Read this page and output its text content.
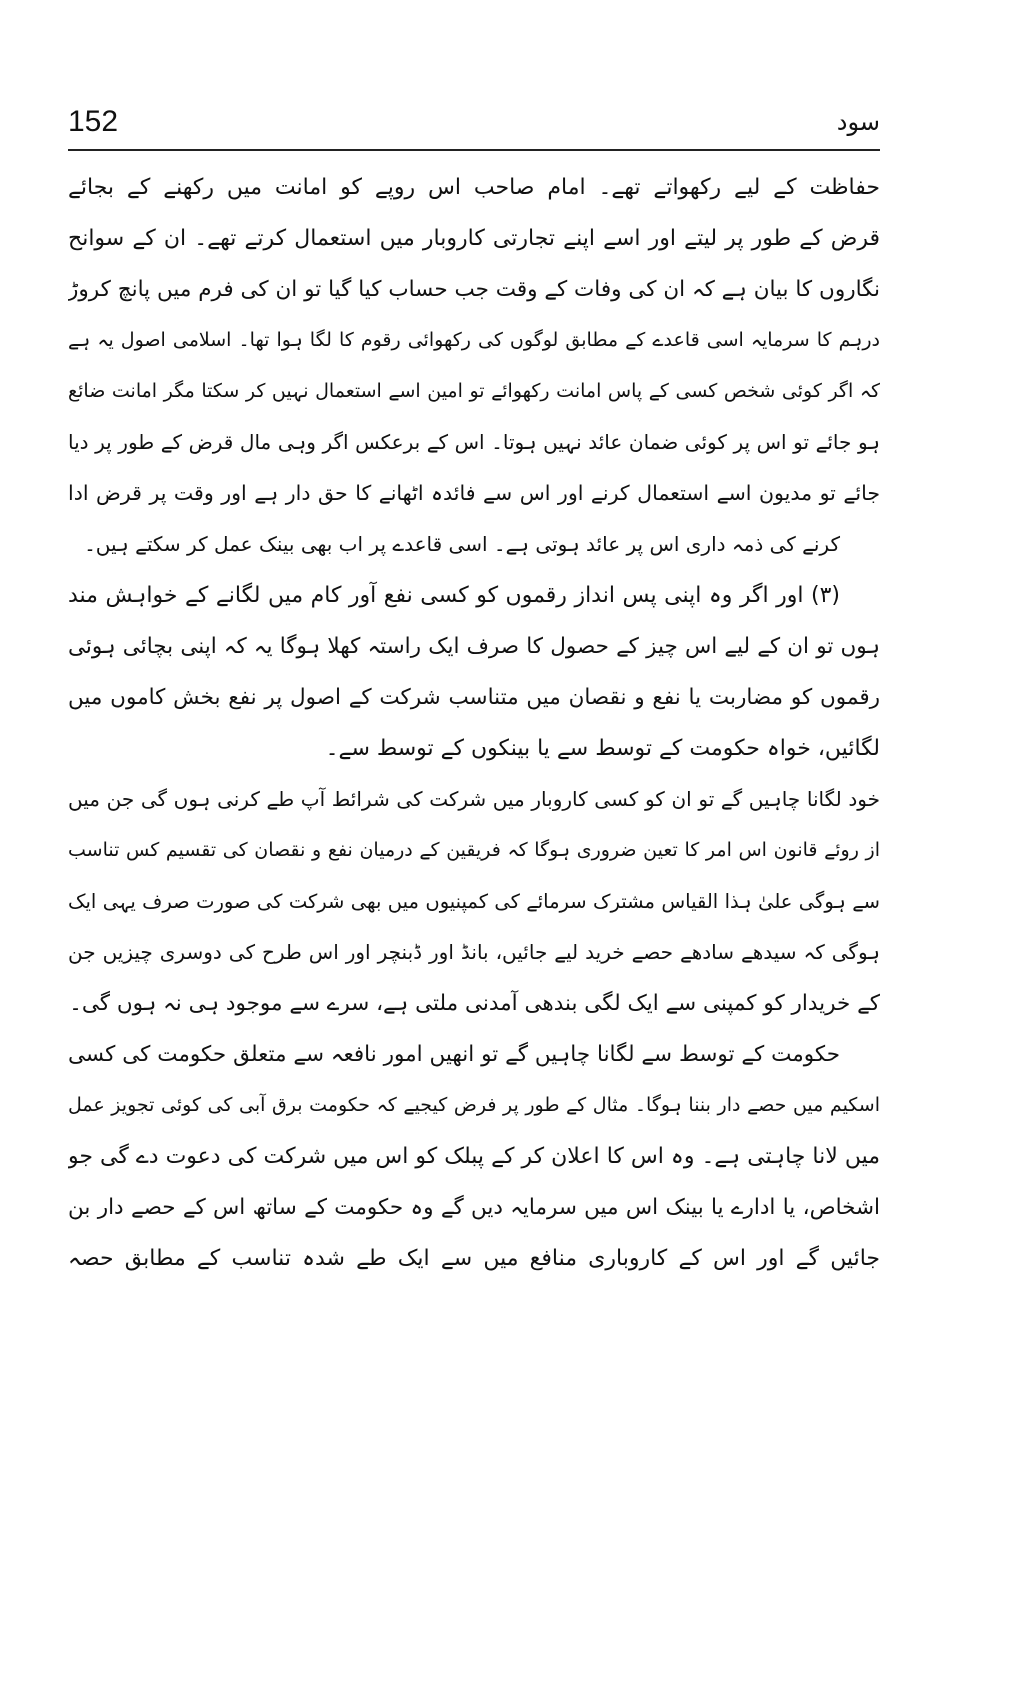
152	سود
حفاظت کے لیے رکھواتے تھے۔ امام صاحب اس روپے کو امانت میں رکھنے کے بجائے
قرض کے طور پر لیتے اور اسے اپنے تجارتی کاروبار میں استعمال کرتے تھے۔ ان کے سوانح
نگاروں کا بیان ہے کہ ان کی وفات کے وقت جب حساب کیا گیا تو ان کی فرم میں پانچ کروڑ
درہم کا سرمایہ اسی قاعدے کے مطابق لوگوں کی رکھوائی رقوم کا لگا ہوا تھا۔ اسلامی اصول یہ ہے
کہ اگر کوئی شخص کسی کے پاس امانت رکھوائے تو امین اسے استعمال نہیں کر سکتا مگر امانت ضائع
ہو جائے تو اس پر کوئی ضمان عائد نہیں ہوتا۔ اس کے برعکس اگر وہی مال قرض کے طور پر دیا
جائے تو مدیون اسے استعمال کرنے اور اس سے فائدہ اٹھانے کا حق دار ہے اور وقت پر قرض ادا
کرنے کی ذمہ داری اس پر عائد ہوتی ہے۔ اسی قاعدے پر اب بھی بینک عمل کر سکتے ہیں۔
(۳) اور اگر وہ اپنی پس انداز رقموں کو کسی نفع آور کام میں لگانے کے خواہش مند
ہوں تو ان کے لیے اس چیز کے حصول کا صرف ایک راستہ کھلا ہوگا یہ کہ اپنی بچائی ہوئی
رقموں کو مضاربت یا نفع و نقصان میں متناسب شرکت کے اصول پر نفع بخش کاموں میں
لگائیں، خواہ حکومت کے توسط سے یا بینکوں کے توسط سے۔
خود لگانا چاہیں گے تو ان کو کسی کاروبار میں شرکت کی شرائط آپ طے کرنی ہوں گی جن میں
از روئے قانون اس امر کا تعین ضروری ہوگا کہ فریقین کے درمیان نفع و نقصان کی تقسیم کس تناسب
سے ہوگی علیٰ ہذا القیاس مشترک سرمائے کی کمپنیوں میں بھی شرکت کی صورت صرف یہی ایک
ہوگی کہ سیدھے سادھے حصے خرید لیے جائیں، بانڈ اور ڈبنچر اور اس طرح کی دوسری چیزیں جن
کے خریدار کو کمپنی سے ایک لگی بندھی آمدنی ملتی ہے، سرے سے موجود ہی نہ ہوں گی۔
حکومت کے توسط سے لگانا چاہیں گے تو انھیں امور نافعہ سے متعلق حکومت کی کسی
اسکیم میں حصے دار بننا ہوگا۔ مثال کے طور پر فرض کیجیے کہ حکومت برق آبی کی کوئی تجویز عمل
میں لانا چاہتی ہے۔ وہ اس کا اعلان کر کے پبلک کو اس میں شرکت کی دعوت دے گی جو
اشخاص، یا ادارے یا بینک اس میں سرمایہ دیں گے وہ حکومت کے ساتھ اس کے حصے دار بن
جائیں گے اور اس کے کاروباری منافع میں سے ایک طے شدہ تناسب کے مطابق حصہ
